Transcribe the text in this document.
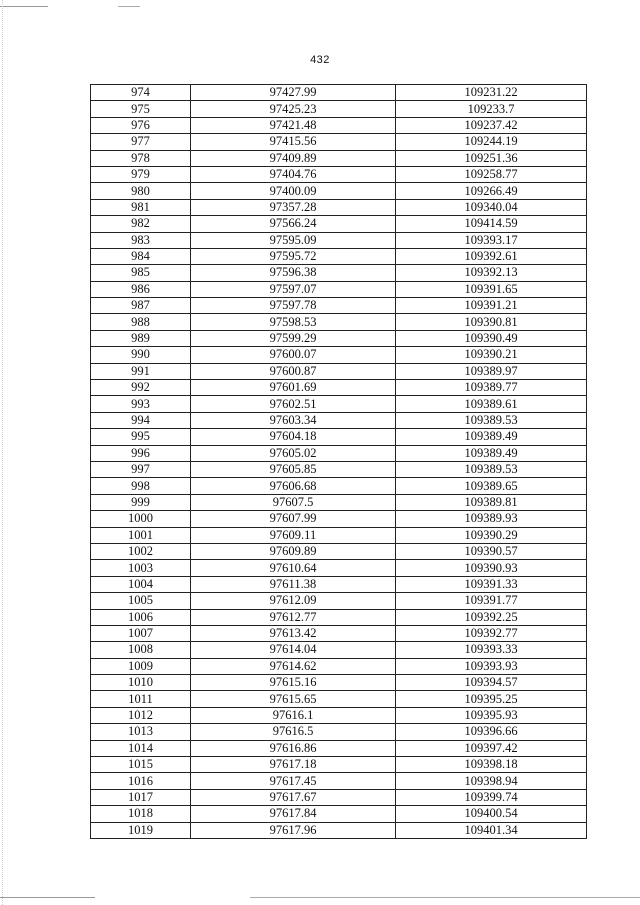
432
974	97427.99	109231.22
975	97425.23	109233.7
976	97421.48	109237.42
977	97415.56	109244.19
978	97409.89	109251.36
979	97404.76	109258.77
980	97400.09	109266.49
981	97357.28	109340.04
982	97566.24	109414.59
983	97595.09	109393.17
984	97595.72	109392.61
985	97596.38	109392.13
986	97597.07	109391.65
987	97597.78	109391.21
988	97598.53	109390.81
989	97599.29	109390.49
990	97600.07	109390.21
991	97600.87	109389.97
992	97601.69	109389.77
993	97602.51	109389.61
994	97603.34	109389.53
995	97604.18	109389.49
996	97605.02	109389.49
997	97605.85	109389.53
998	97606.68	109389.65
999	97607.5	109389.81
1000	97607.99	109389.93
1001	97609.11	109390.29
1002	97609.89	109390.57
1003	97610.64	109390.93
1004	97611.38	109391.33
1005	97612.09	109391.77
1006	97612.77	109392.25
1007	97613.42	109392.77
1008	97614.04	109393.33
1009	97614.62	109393.93
1010	97615.16	109394.57
1011	97615.65	109395.25
1012	97616.1	109395.93
1013	97616.5	109396.66
1014	97616.86	109397.42
1015	97617.18	109398.18
1016	97617.45	109398.94
1017	97617.67	109399.74
1018	97617.84	109400.54
1019	97617.96	109401.34
